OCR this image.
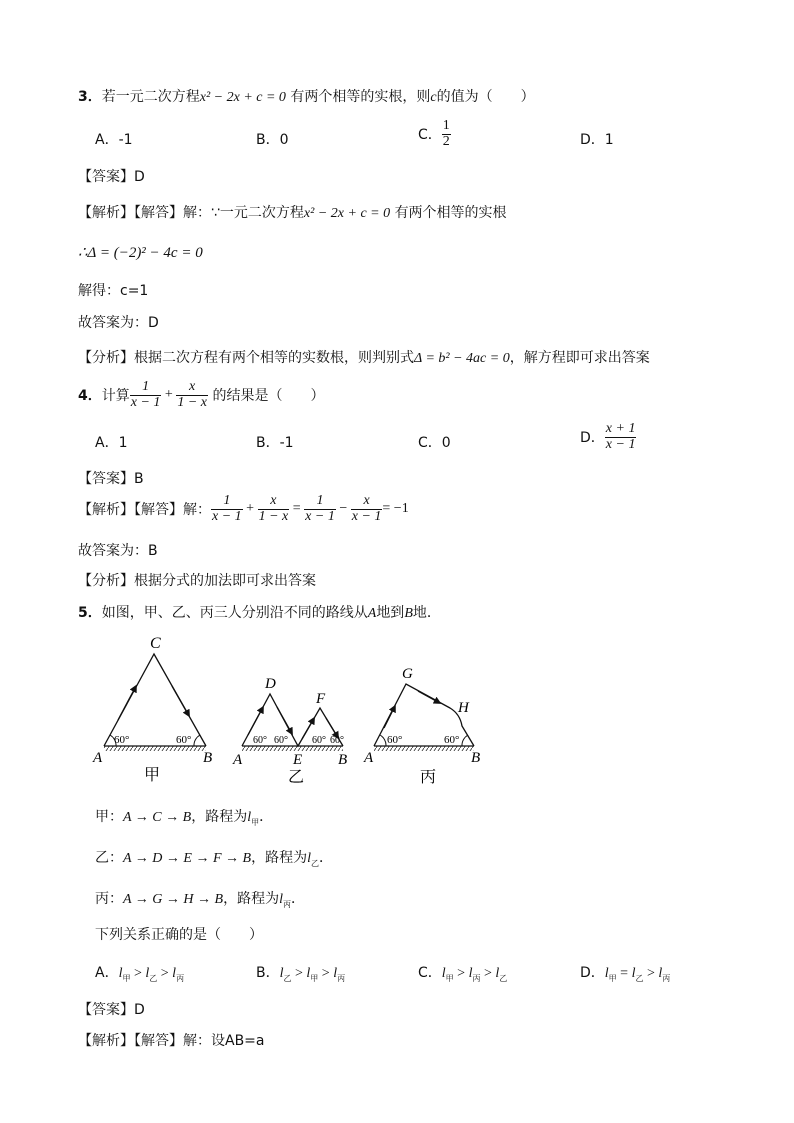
3．若一元二次方程x² − 2x + c = 0 有两个相等的实根，则c的值为（　　）
A．-1	B．0	C． $\frac{1}{2}$	D．1
【答案】D
【解析】【解答】解：∵一元二次方程x² − 2x + c = 0 有两个相等的实根
∴Δ = (−2)² − 4c = 0
解得：c=1
故答案为：D
【分析】根据二次方程有两个相等的实数根，则判别式Δ = b² − 4ac = 0，解方程即可求出答案
4．计算 $\frac{1}{x - 1} + \frac{x}{1 - x}$ 的结果是（　　）
A．1	B．-1	C．0	D． $\frac{x + 1}{x - 1}$
【答案】B
【解析】【解答】解： $\frac{1}{x - 1} + \frac{x}{1 - x} = \frac{1}{x - 1} - \frac{x}{x - 1} = -1$
故答案为：B
【分析】根据分式的加法即可求出答案
5．如图，甲、乙、丙三人分别沿不同的路线从A地到B地．
C
A	B
60°	60°
甲
D
F
A	E B
60° 60° 60° 60°
乙
G
H
A	B
60°	60°
丙
甲：A → C → B，路程为$l_甲$．
乙：A → D → E → F → B，路程为$l_乙$．
丙：A → G → H → B，路程为$l_丙$．
下列关系正确的是（　　）
A．$l_甲 > l_乙 > l_丙$	B．$l_乙 > l_甲 > l_丙$	C．$l_甲 > l_丙 > l_乙$	D．$l_甲 = l_乙 > l_丙$
【答案】D
【解析】【解答】解：设AB=a
